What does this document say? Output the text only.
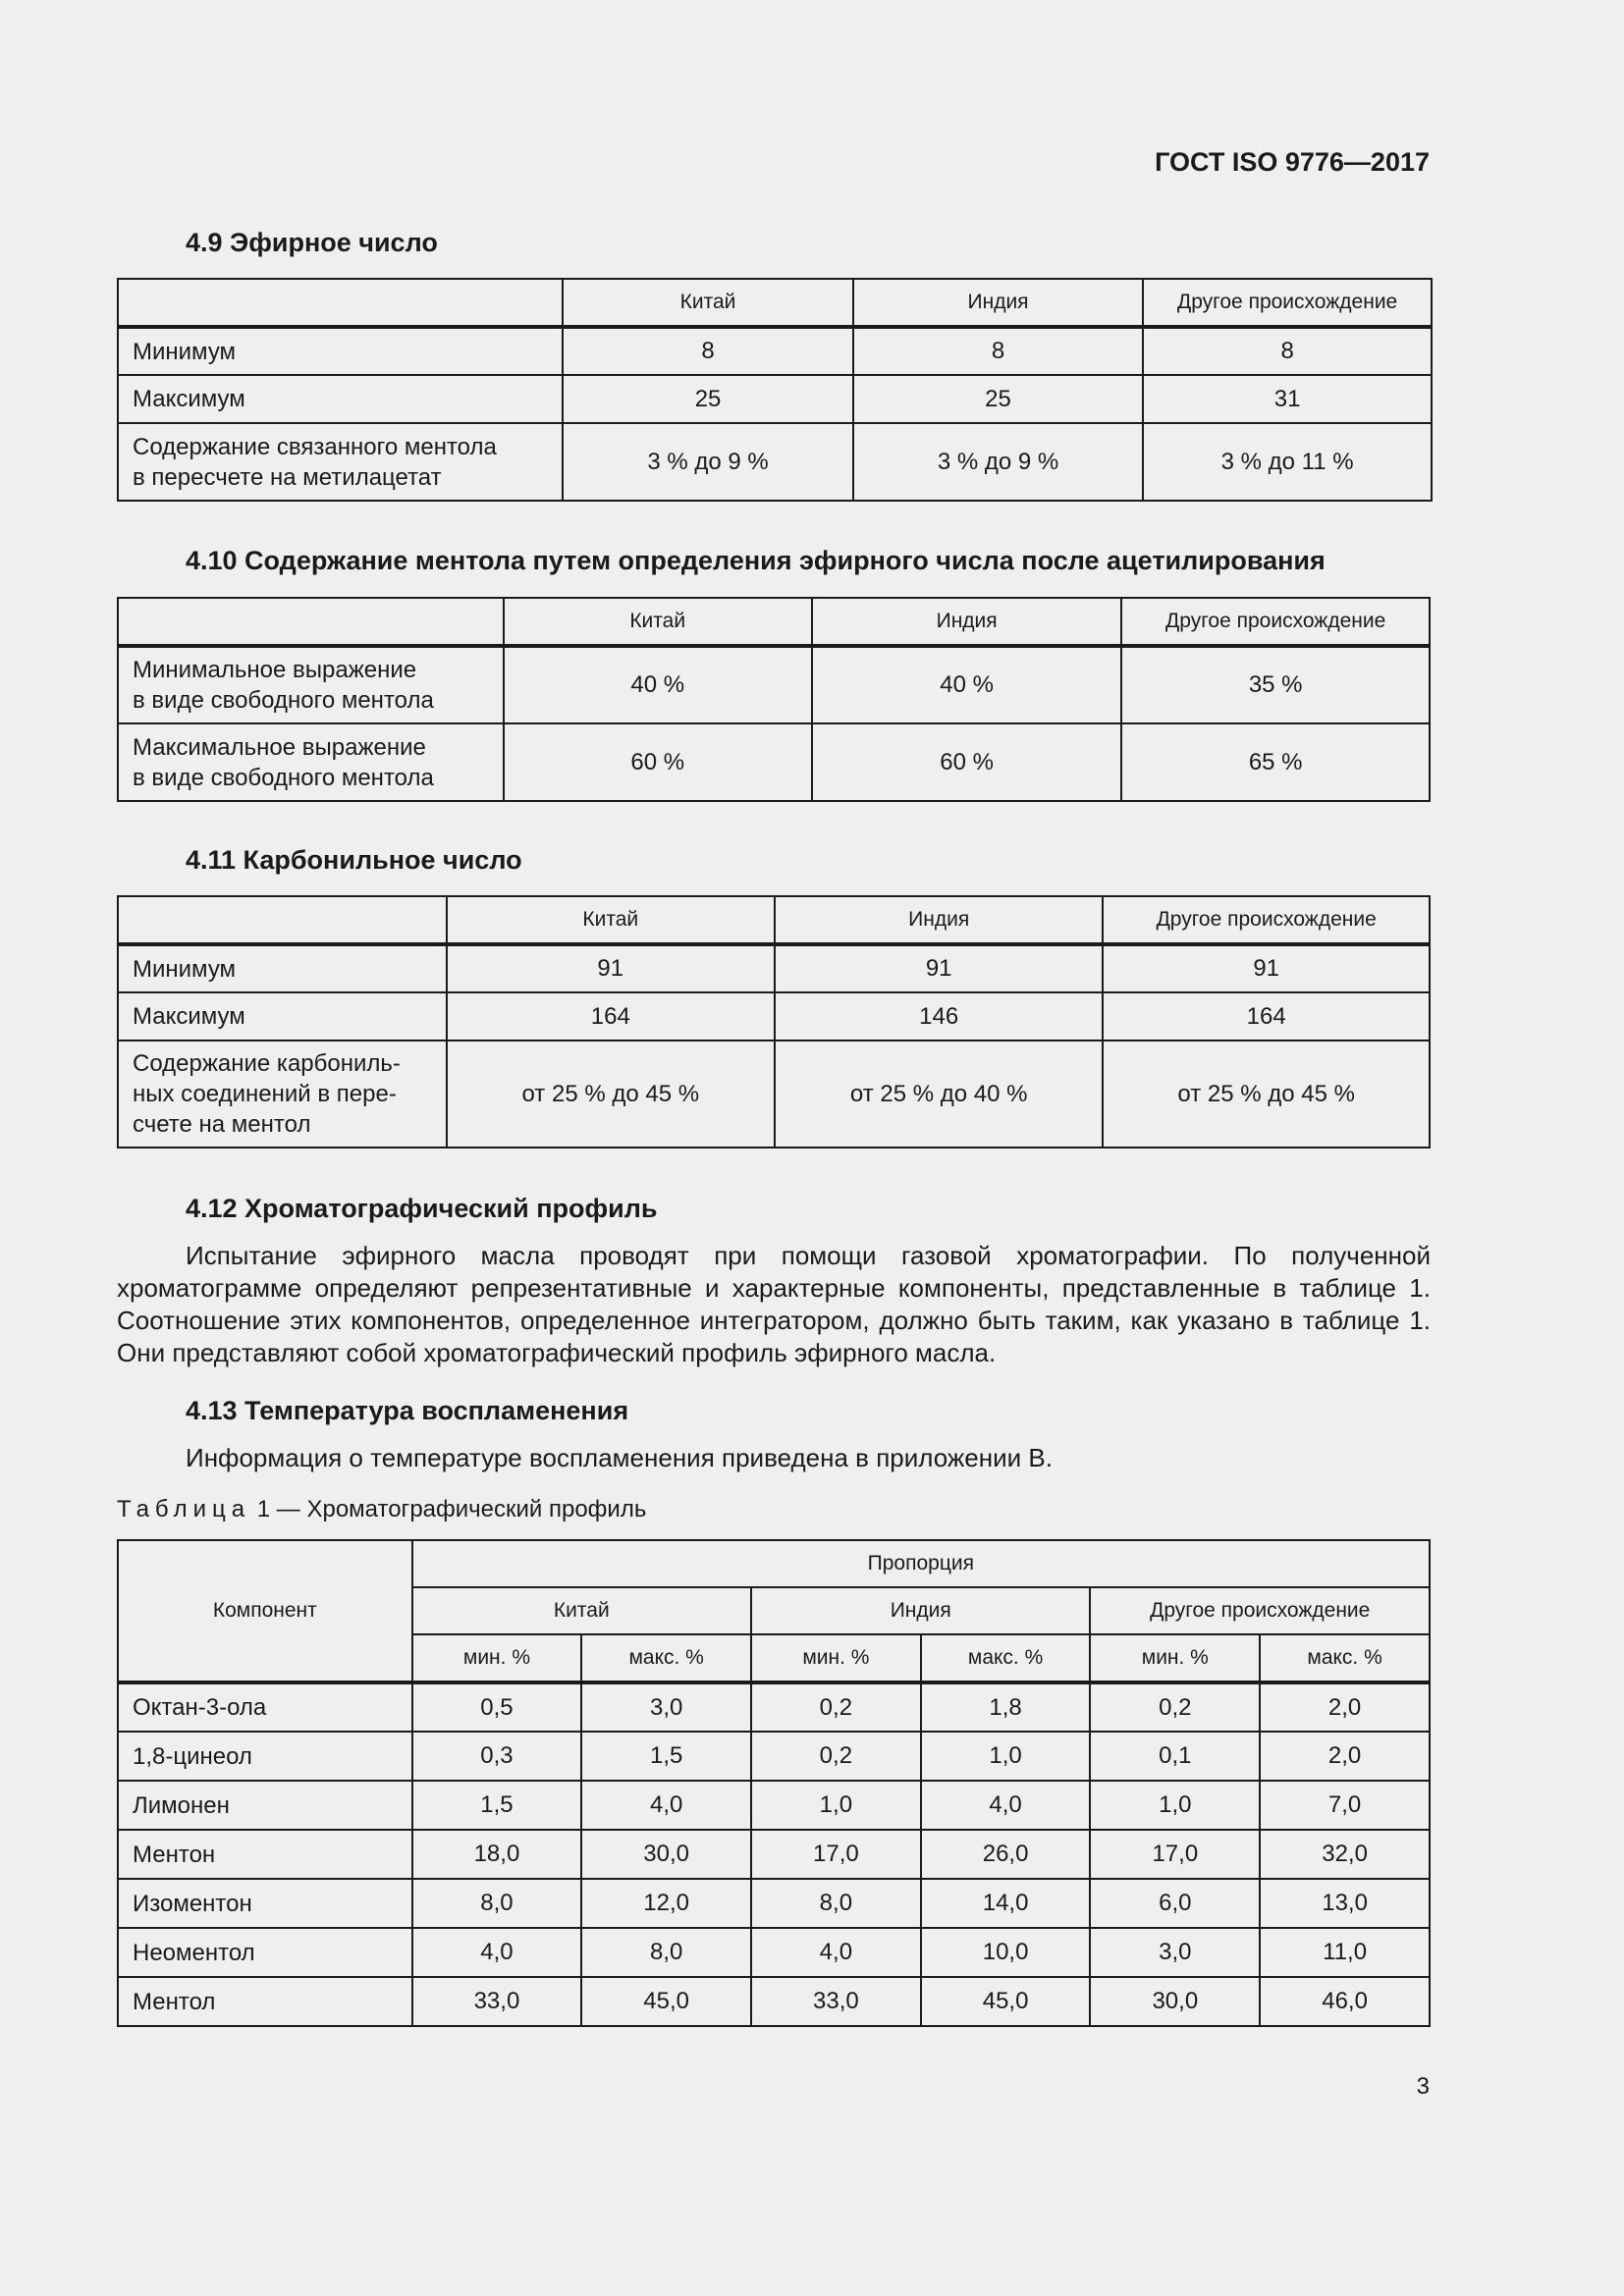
ГОСТ ISO 9776—2017
4.9 Эфирное число
	Китай	Индия	Другое происхождение
Минимум	8	8	8
Максимум	25	25	31

Содержание связанного ментола
в пересчете на метилацетат	3 % до 9 %	3 % до 9 %	3 % до 11 %
4.10 Содержание ментола путем определения эфирного числа после ацетилирования
	Китай	Индия	Другое происхождение

Минимальное выражение
в виде свободного ментола	40 %	40 %	35 %

Максимальное выражение
в виде свободного ментола	60 %	60 %	65 %
4.11 Карбонильное число
	Китай	Индия	Другое происхождение
Минимум	91	91	91
Максимум	164	146	164

Содержание карбониль-
ных соединений в пере-
счете на ментол	от 25 % до 45 %	от 25 % до 40 %	от 25 % до 45 %
4.12 Хроматографический профиль

Испытание эфирного масла проводят при помощи газовой хроматографии. По полученной хроматограмме определяют репрезентативные и характерные компоненты, представленные в таблице 1. Соотношение этих компонентов, определенное интегратором, должно быть таким, как указано в таблице 1. Они представляют собой хроматографический профиль эфирного масла.

4.13 Температура воспламенения

Информация о температуре воспламенения приведена в приложении В.

Таблица 1 — Хроматографический профиль
Компонент	Пропорция					
	Китай		Индия		Другое происхождение	
	мин. %	макс. %	мин. %	макс. %	мин. %	макс. %
Октан-3-ола	0,5	3,0	0,2	1,8	0,2	2,0
1,8-цинеол	0,3	1,5	0,2	1,0	0,1	2,0
Лимонен	1,5	4,0	1,0	4,0	1,0	7,0
Ментон	18,0	30,0	17,0	26,0	17,0	32,0
Изоментон	8,0	12,0	8,0	14,0	6,0	13,0
Неоментол	4,0	8,0	4,0	10,0	3,0	11,0
Ментол	33,0	45,0	33,0	45,0	30,0	46,0
3
